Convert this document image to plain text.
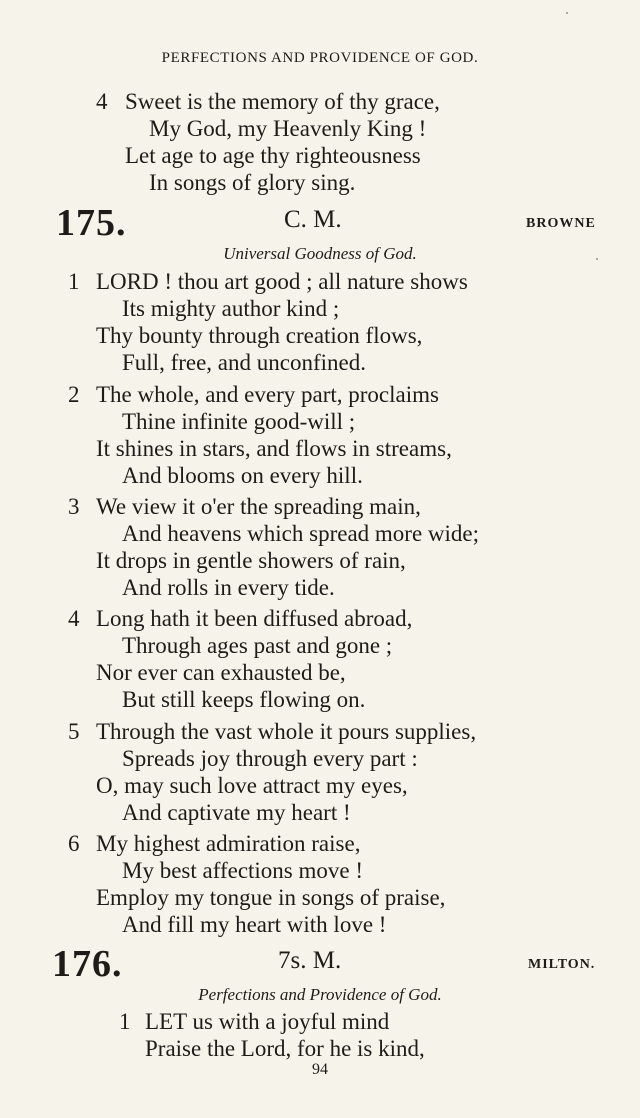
PERFECTIONS AND PROVIDENCE OF GOD.
4 Sweet is the memory of thy grace,
My God, my Heavenly King !
Let age to age thy righteousness
In songs of glory sing.
175.	C. M.	BROWNE
Universal Goodness of God.
1 LORD ! thou art good ; all nature shows
Its mighty author kind ;
Thy bounty through creation flows,
Full, free, and unconfined.
2 The whole, and every part, proclaims
Thine infinite good-will ;
It shines in stars, and flows in streams,
And blooms on every hill.
3 We view it o'er the spreading main,
And heavens which spread more wide;
It drops in gentle showers of rain,
And rolls in every tide.
4 Long hath it been diffused abroad,
Through ages past and gone ;
Nor ever can exhausted be,
But still keeps flowing on.
5 Through the vast whole it pours supplies,
Spreads joy through every part :
O, may such love attract my eyes,
And captivate my heart !
6 My highest admiration raise,
My best affections move !
Employ my tongue in songs of praise,
And fill my heart with love !
176.	7s. M.	MILTON.
Perfections and Providence of God.
1 LET us with a joyful mind
Praise the Lord, for he is kind,
94
